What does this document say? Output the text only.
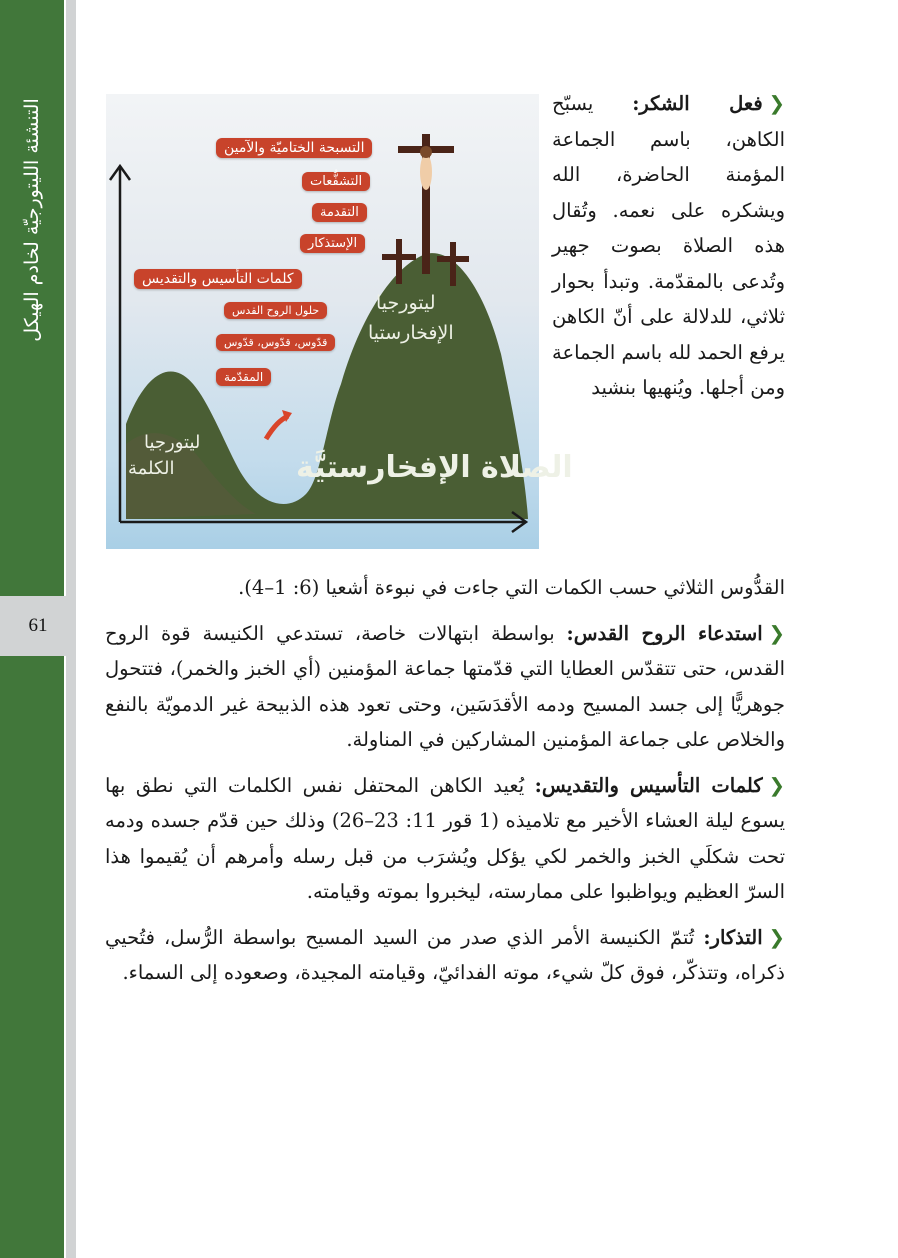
التنشئة الليتورجيّة لخادم الهيكل
61
التسبحة الختاميّة والآمين
التشفُّعات
التقدمة
الإستذكار
كلمات التأسيس والتقديس
حلول الروح القدس
قدّوس، قدّوس، قدّوس
المقدّمة
ليتورجيا
الإفخارستيا
ليتورجيا
الكلمة	الصلاة الإفخارستيَّة
❮فعل الشكر: يسبّح الكاهن، باسم الجماعة المؤمنة الحاضرة، الله ويشكره على نعمه. وتُقال هذه الصلاة بصوت جهير وتُدعى بالمقدّمة. وتبدأ بحوار ثلاثي، للدلالة على أنّ الكاهن يرفع الحمد لله باسم الجماعة ومن أجلها. ويُنهيها بنشيد
القدُّوس الثلاثي حسب الكمات التي جاءت في نبوءة أشعيا (6: 1–4).
❮استدعاء الروح القدس: بواسطة ابتهالات خاصة، تستدعي الكنيسة قوة الروح القدس، حتى تتقدّس العطايا التي قدّمتها جماعة المؤمنين (أي الخبز والخمر)، فتتحول جوهريًّا إلى جسد المسيح ودمه الأقدَسَين، وحتى تعود هذه الذبيحة غير الدمويّة بالنفع والخلاص على جماعة المؤمنين المشاركين في المناولة.
❮كلمات التأسيس والتقديس: يُعيد الكاهن المحتفل نفس الكلمات التي نطق بها يسوع ليلة العشاء الأخير مع تلاميذه (1 قور 11: 23–26) وذلك حين قدّم جسده ودمه تحت شكلَي الخبز والخمر لكي يؤكل ويُشرَب من قبل رسله وأمرهم أن يُقيموا هذا السرّ العظيم ويواظبوا على ممارسته، ليخبروا بموته وقيامته.
❮التذكار: تُتمّ الكنيسة الأمر الذي صدر من السيد المسيح بواسطة الرُّسل، فتُحيي ذكراه، وتتذكّر، فوق كلّ شيء، موته الفدائيّ، وقيامته المجيدة، وصعوده إلى السماء.
